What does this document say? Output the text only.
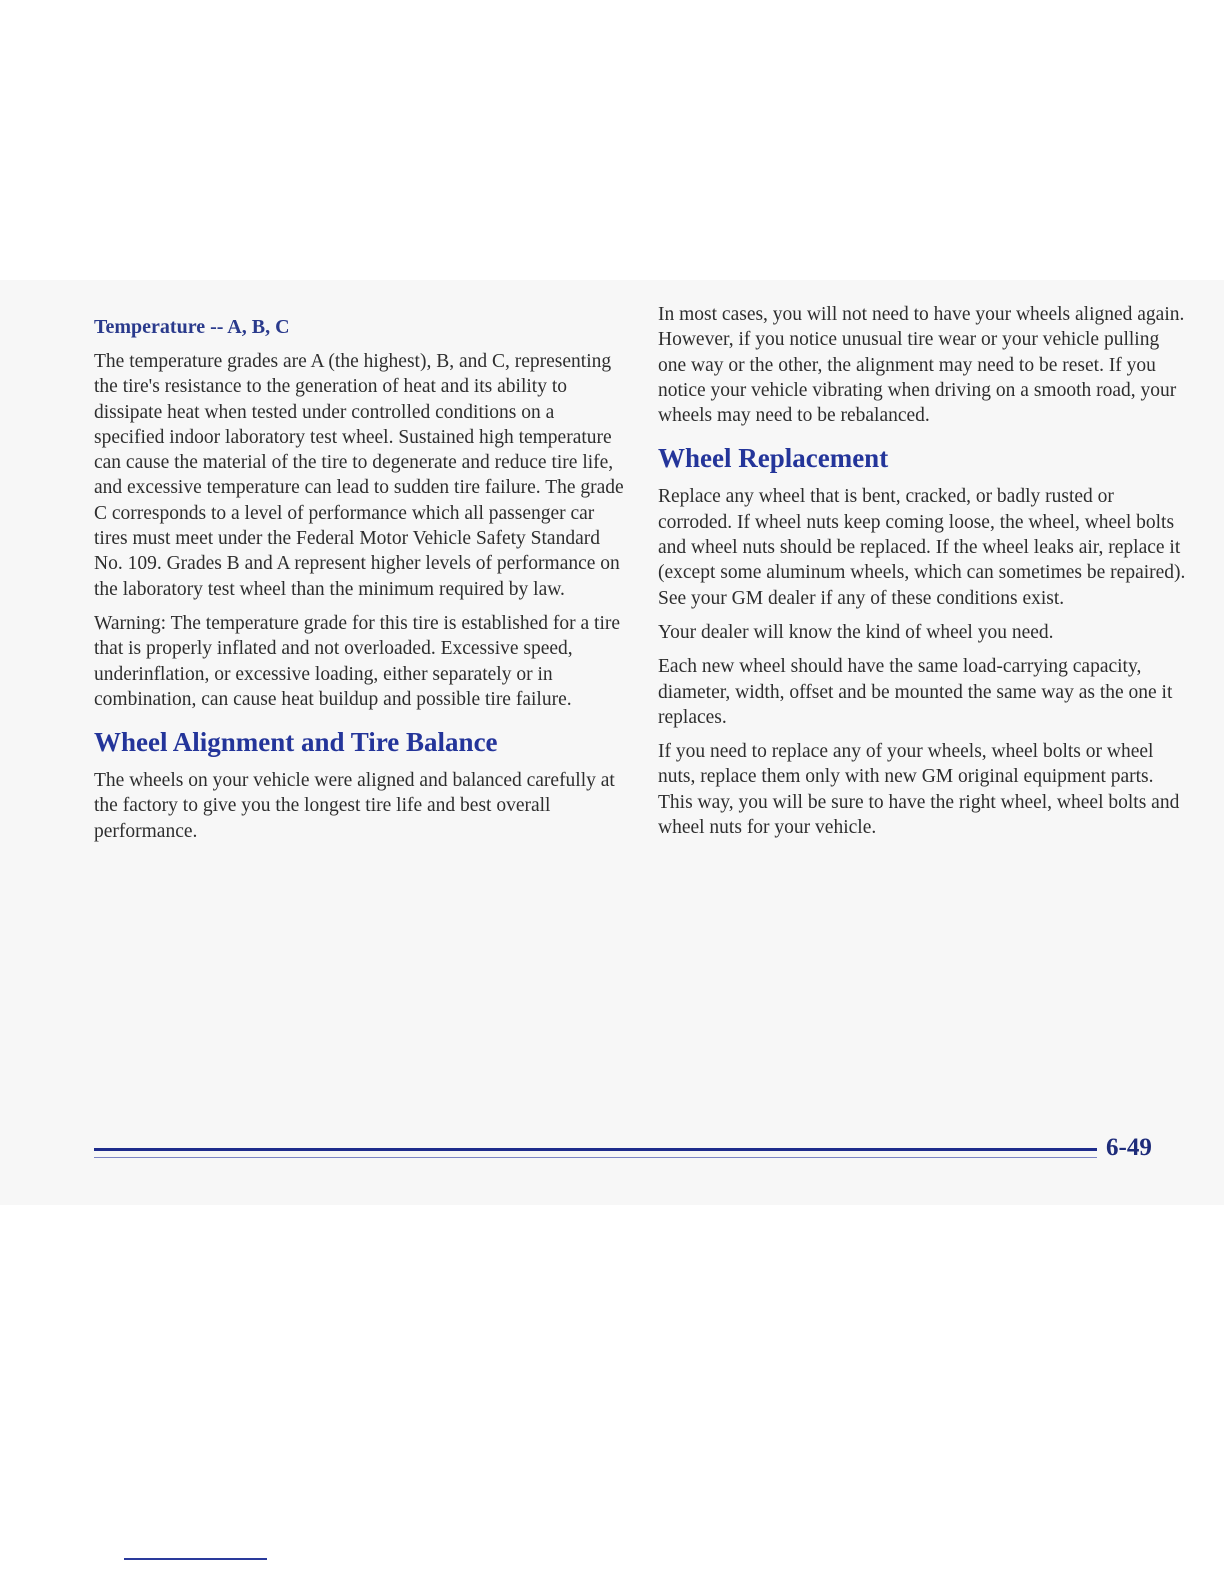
Temperature -- A, B, C

The temperature grades are A (the highest), B, and C, representing the tire's resistance to the generation of heat and its ability to dissipate heat when tested under controlled conditions on a specified indoor laboratory test wheel. Sustained high temperature can cause the material of the tire to degenerate and reduce tire life, and excessive temperature can lead to sudden tire failure. The grade C corresponds to a level of performance which all passenger car tires must meet under the Federal Motor Vehicle Safety Standard No. 109. Grades B and A represent higher levels of performance on the laboratory test wheel than the minimum required by law.

Warning: The temperature grade for this tire is established for a tire that is properly inflated and not overloaded. Excessive speed, underinflation, or excessive loading, either separately or in combination, can cause heat buildup and possible tire failure.

Wheel Alignment and Tire Balance

The wheels on your vehicle were aligned and balanced carefully at the factory to give you the longest tire life and best overall performance.

In most cases, you will not need to have your wheels aligned again. However, if you notice unusual tire wear or your vehicle pulling one way or the other, the alignment may need to be reset. If you notice your vehicle vibrating when driving on a smooth road, your wheels may need to be rebalanced.

Wheel Replacement

Replace any wheel that is bent, cracked, or badly rusted or corroded. If wheel nuts keep coming loose, the wheel, wheel bolts and wheel nuts should be replaced. If the wheel leaks air, replace it (except some aluminum wheels, which can sometimes be repaired). See your GM dealer if any of these conditions exist.

Your dealer will know the kind of wheel you need.

Each new wheel should have the same load-carrying capacity, diameter, width, offset and be mounted the same way as the one it replaces.

If you need to replace any of your wheels, wheel bolts or wheel nuts, replace them only with new GM original equipment parts. This way, you will be sure to have the right wheel, wheel bolts and wheel nuts for your vehicle.

6-49
